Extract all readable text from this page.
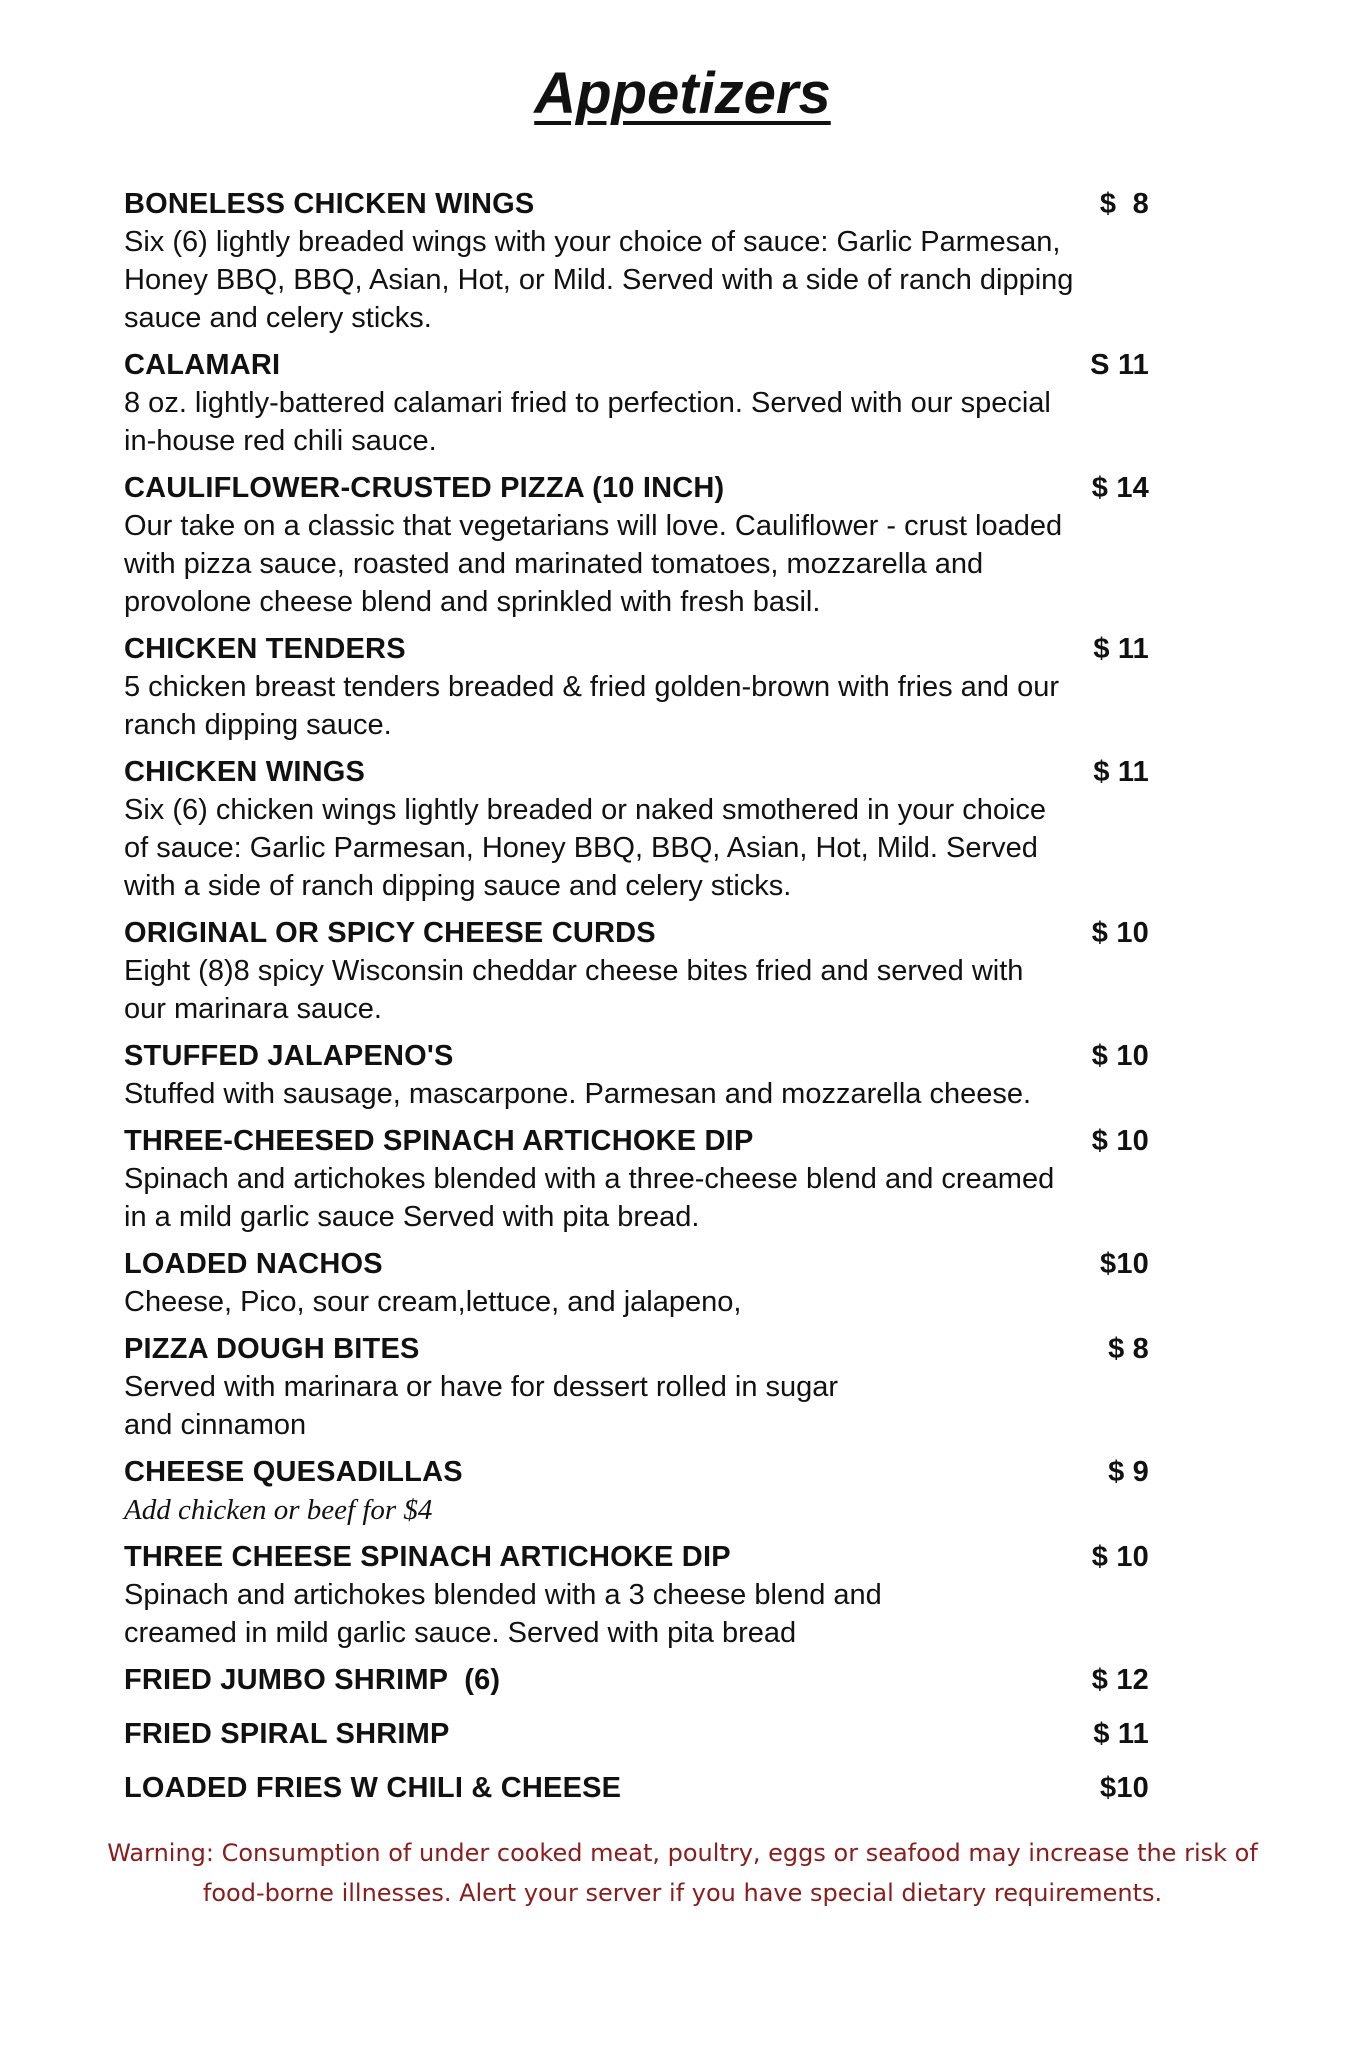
Appetizers
BONELESS CHICKEN WINGS	$  8

Six (6) lightly breaded wings with your choice of sauce: Garlic Parmesan,
Honey BBQ, BBQ, Asian, Hot, or Mild. Served with a side of ranch dipping
sauce and celery sticks.

CALAMARI	S 11

8 oz. lightly-battered calamari fried to perfection. Served with our special
in-house red chili sauce.

CAULIFLOWER-CRUSTED PIZZA (10 INCH)	$ 14

Our take on a classic that vegetarians will love. Cauliflower - crust loaded
with pizza sauce, roasted and marinated tomatoes, mozzarella and
provolone cheese blend and sprinkled with fresh basil.

CHICKEN TENDERS	$ 11

5 chicken breast tenders breaded & fried golden-brown with fries and our
ranch dipping sauce.

CHICKEN WINGS	$ 11

Six (6) chicken wings lightly breaded or naked smothered in your choice
of sauce: Garlic Parmesan, Honey BBQ, BBQ, Asian, Hot, Mild. Served
with a side of ranch dipping sauce and celery sticks.

ORIGINAL OR SPICY CHEESE CURDS	$ 10

Eight (8)8 spicy Wisconsin cheddar cheese bites fried and served with
our marinara sauce.

STUFFED JALAPENO'S	$ 10

Stuffed with sausage, mascarpone. Parmesan and mozzarella cheese.

THREE-CHEESED SPINACH ARTICHOKE DIP	$ 10

Spinach and artichokes blended with a three-cheese blend and creamed
in a mild garlic sauce Served with pita bread.

LOADED NACHOS	$10

Cheese, Pico, sour cream,lettuce, and jalapeno,

PIZZA DOUGH BITES	$ 8

Served with marinara or have for dessert rolled in sugar
and cinnamon

CHEESE QUESADILLAS	$ 9

Add chicken or beef for $4

THREE CHEESE SPINACH ARTICHOKE DIP	$ 10

Spinach and artichokes blended with a 3 cheese blend and
creamed in mild garlic sauce. Served with pita bread

FRIED JUMBO SHRIMP  (6)	$ 12
FRIED SPIRAL SHRIMP	$ 11
LOADED FRIES W CHILI & CHEESE	$10

Warning: Consumption of under cooked meat, poultry, eggs or seafood may increase the risk of
food-borne illnesses. Alert your server if you have special dietary requirements.
